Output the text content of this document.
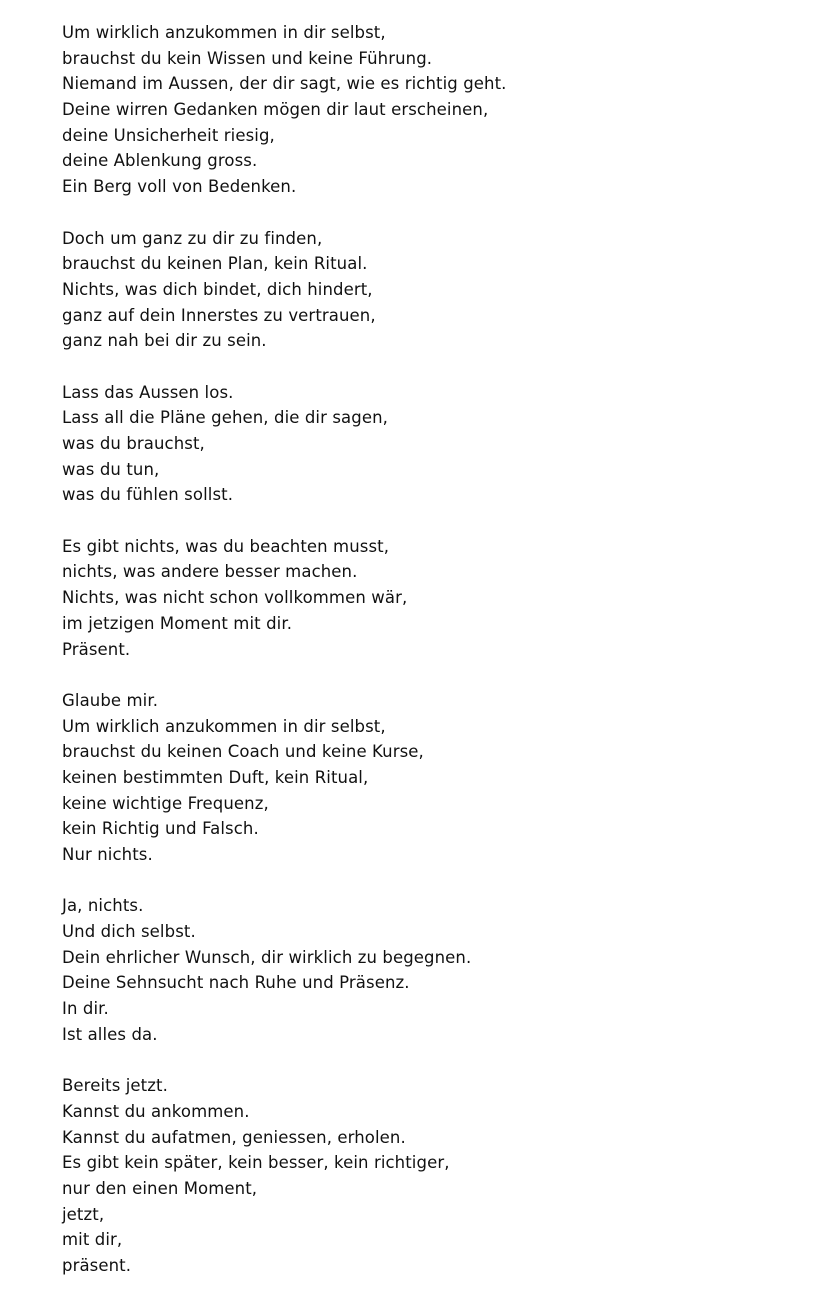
Um wirklich anzukommen in dir selbst,
brauchst du kein Wissen und keine Führung.
Niemand im Aussen, der dir sagt, wie es richtig geht.
Deine wirren Gedanken mögen dir laut erscheinen,
deine Unsicherheit riesig,
deine Ablenkung gross.
Ein Berg voll von Bedenken.
Doch um ganz zu dir zu finden,
brauchst du keinen Plan, kein Ritual.
Nichts, was dich bindet, dich hindert,
ganz auf dein Innerstes zu vertrauen,
ganz nah bei dir zu sein.
Lass das Aussen los.
Lass all die Pläne gehen, die dir sagen,
was du brauchst,
was du tun,
was du fühlen sollst.
Es gibt nichts, was du beachten musst,
nichts, was andere besser machen.
Nichts, was nicht schon vollkommen wär,
im jetzigen Moment mit dir.
Präsent.
Glaube mir.
Um wirklich anzukommen in dir selbst,
brauchst du keinen Coach und keine Kurse,
keinen bestimmten Duft, kein Ritual,
keine wichtige Frequenz,
kein Richtig und Falsch.
Nur nichts.
Ja, nichts.
Und dich selbst.
Dein ehrlicher Wunsch, dir wirklich zu begegnen.
Deine Sehnsucht nach Ruhe und Präsenz.
In dir.
Ist alles da.
Bereits jetzt.
Kannst du ankommen.
Kannst du aufatmen, geniessen, erholen.
Es gibt kein später, kein besser, kein richtiger,
nur den einen Moment,
jetzt,
mit dir,
präsent.
